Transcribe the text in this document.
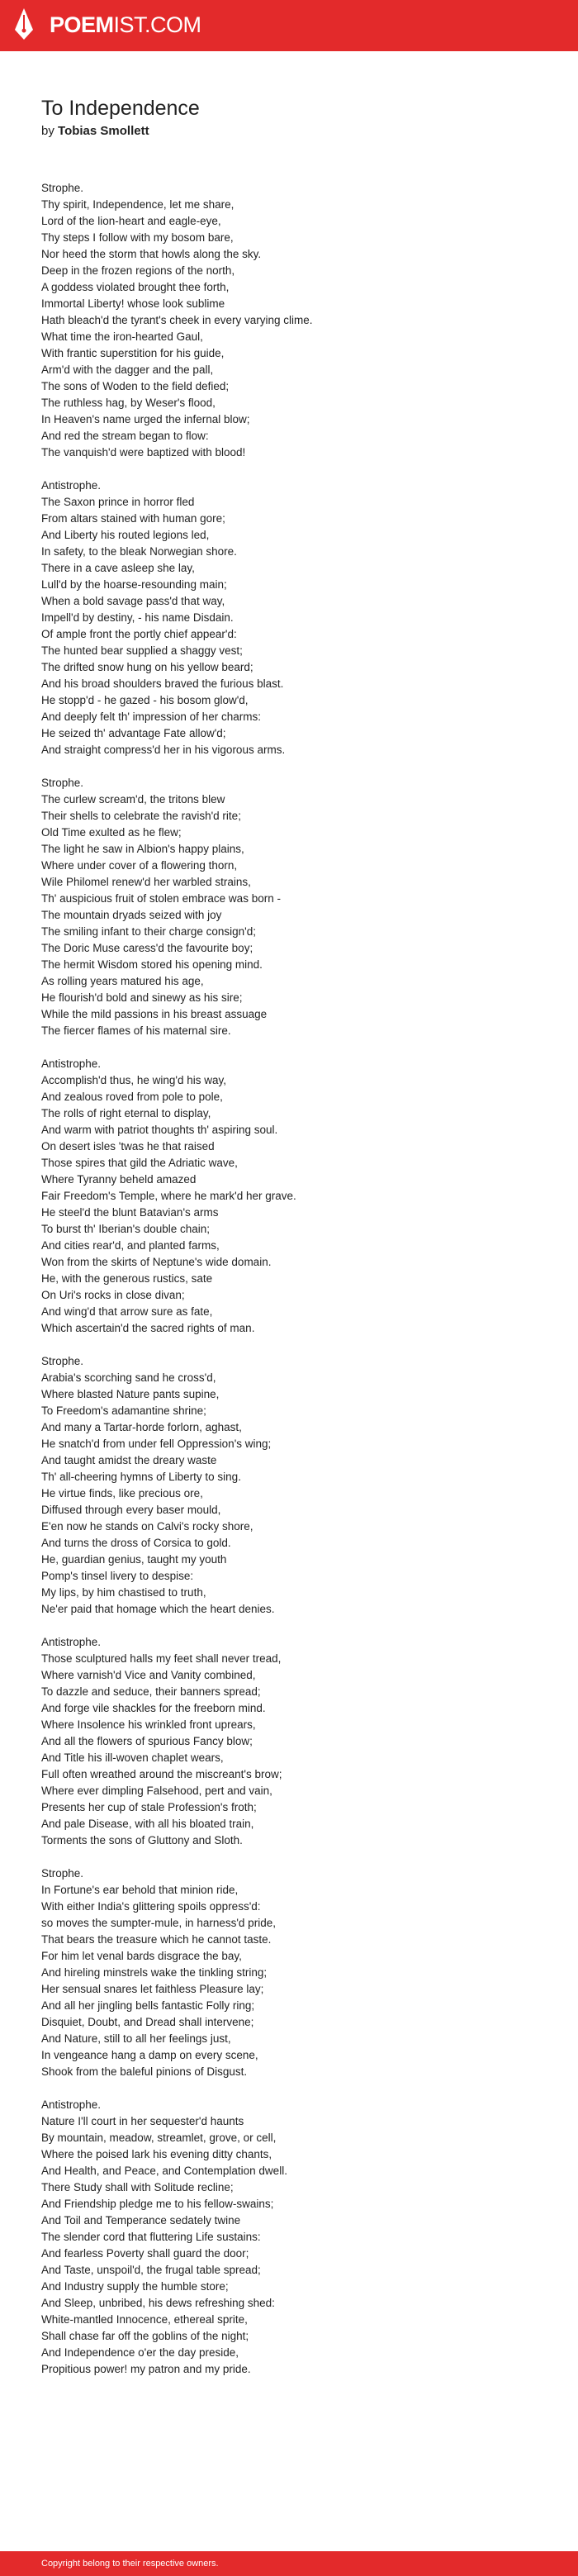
POEMIST.COM
To Independence
by Tobias Smollett
Strophe.
Thy spirit, Independence, let me share,
Lord of the lion-heart and eagle-eye,
Thy steps I follow with my bosom bare,
Nor heed the storm that howls along the sky.
Deep in the frozen regions of the north,
A goddess violated brought thee forth,
Immortal Liberty! whose look sublime
Hath bleach'd the tyrant's cheek in every varying clime.
What time the iron-hearted Gaul,
With frantic superstition for his guide,
Arm'd with the dagger and the pall,
The sons of Woden to the field defied;
The ruthless hag, by Weser's flood,
In Heaven's name urged the infernal blow;
And red the stream began to flow:
The vanquish'd were baptized with blood!
Antistrophe.
The Saxon prince in horror fled
From altars stained with human gore;
And Liberty his routed legions led,
In safety, to the bleak Norwegian shore.
There in a cave asleep she lay,
Lull'd by the hoarse-resounding main;
When a bold savage pass'd that way,
Impell'd by destiny, - his name Disdain.
Of ample front the portly chief appear'd:
The hunted bear supplied a shaggy vest;
The drifted snow hung on his yellow beard;
And his broad shoulders braved the furious blast.
He stopp'd - he gazed - his bosom glow'd,
And deeply felt th' impression of her charms:
He seized th' advantage Fate allow'd;
And straight compress'd her in his vigorous arms.
Strophe.
The curlew scream'd, the tritons blew
Their shells to celebrate the ravish'd rite;
Old Time exulted as he flew;
The light he saw in Albion's happy plains,
Where under cover of a flowering thorn,
Wile Philomel renew'd her warbled strains,
Th' auspicious fruit of stolen embrace was born -
The mountain dryads seized with joy
The smiling infant to their charge consign'd;
The Doric Muse caress'd the favourite boy;
The hermit Wisdom stored his opening mind.
As rolling years matured his age,
He flourish'd bold and sinewy as his sire;
While the mild passions in his breast assuage
The fiercer flames of his maternal sire.
Antistrophe.
Accomplish'd thus, he wing'd his way,
And zealous roved from pole to pole,
The rolls of right eternal to display,
And warm with patriot thoughts th' aspiring soul.
On desert isles 'twas he that raised
Those spires that gild the Adriatic wave,
Where Tyranny beheld amazed
Fair Freedom's Temple, where he mark'd her grave.
He steel'd the blunt Batavian's arms
To burst th' Iberian's double chain;
And cities rear'd, and planted farms,
Won from the skirts of Neptune's wide domain.
He, with the generous rustics, sate
On Uri's rocks in close divan;
And wing'd that arrow sure as fate,
Which ascertain'd the sacred rights of man.
Strophe.
Arabia's scorching sand he cross'd,
Where blasted Nature pants supine,
To Freedom's adamantine shrine;
And many a Tartar-horde forlorn, aghast,
He snatch'd from under fell Oppression's wing;
And taught amidst the dreary waste
Th' all-cheering hymns of Liberty to sing.
He virtue finds, like precious ore,
Diffused through every baser mould,
E'en now he stands on Calvi's rocky shore,
And turns the dross of Corsica to gold.
He, guardian genius, taught my youth
Pomp's tinsel livery to despise:
My lips, by him chastised to truth,
Ne'er paid that homage which the heart denies.
Antistrophe.
Those sculptured halls my feet shall never tread,
Where varnish'd Vice and Vanity combined,
To dazzle and seduce, their banners spread;
And forge vile shackles for the freeborn mind.
Where Insolence his wrinkled front uprears,
And all the flowers of spurious Fancy blow;
And Title his ill-woven chaplet wears,
Full often wreathed around the miscreant's brow;
Where ever dimpling Falsehood, pert and vain,
Presents her cup of stale Profession's froth;
And pale Disease, with all his bloated train,
Torments the sons of Gluttony and Sloth.
Strophe.
In Fortune's ear behold that minion ride,
With either India's glittering spoils oppress'd:
so moves the sumpter-mule, in harness'd pride,
That bears the treasure which he cannot taste.
For him let venal bards disgrace the bay,
And hireling minstrels wake the tinkling string;
Her sensual snares let faithless Pleasure lay;
And all her jingling bells fantastic Folly ring;
Disquiet, Doubt, and Dread shall intervene;
And Nature, still to all her feelings just,
In vengeance hang a damp on every scene,
Shook from the baleful pinions of Disgust.
Antistrophe.
Nature I'll court in her sequester'd haunts
By mountain, meadow, streamlet, grove, or cell,
Where the poised lark his evening ditty chants,
And Health, and Peace, and Contemplation dwell.
There Study shall with Solitude recline;
And Friendship pledge me to his fellow-swains;
And Toil and Temperance sedately twine
The slender cord that fluttering Life sustains:
And fearless Poverty shall guard the door;
And Taste, unspoil'd, the frugal table spread;
And Industry supply the humble store;
And Sleep, unbribed, his dews refreshing shed:
White-mantled Innocence, ethereal sprite,
Shall chase far off the goblins of the night;
And Independence o'er the day preside,
Propitious power! my patron and my pride.
Copyright belong to their respective owners.
